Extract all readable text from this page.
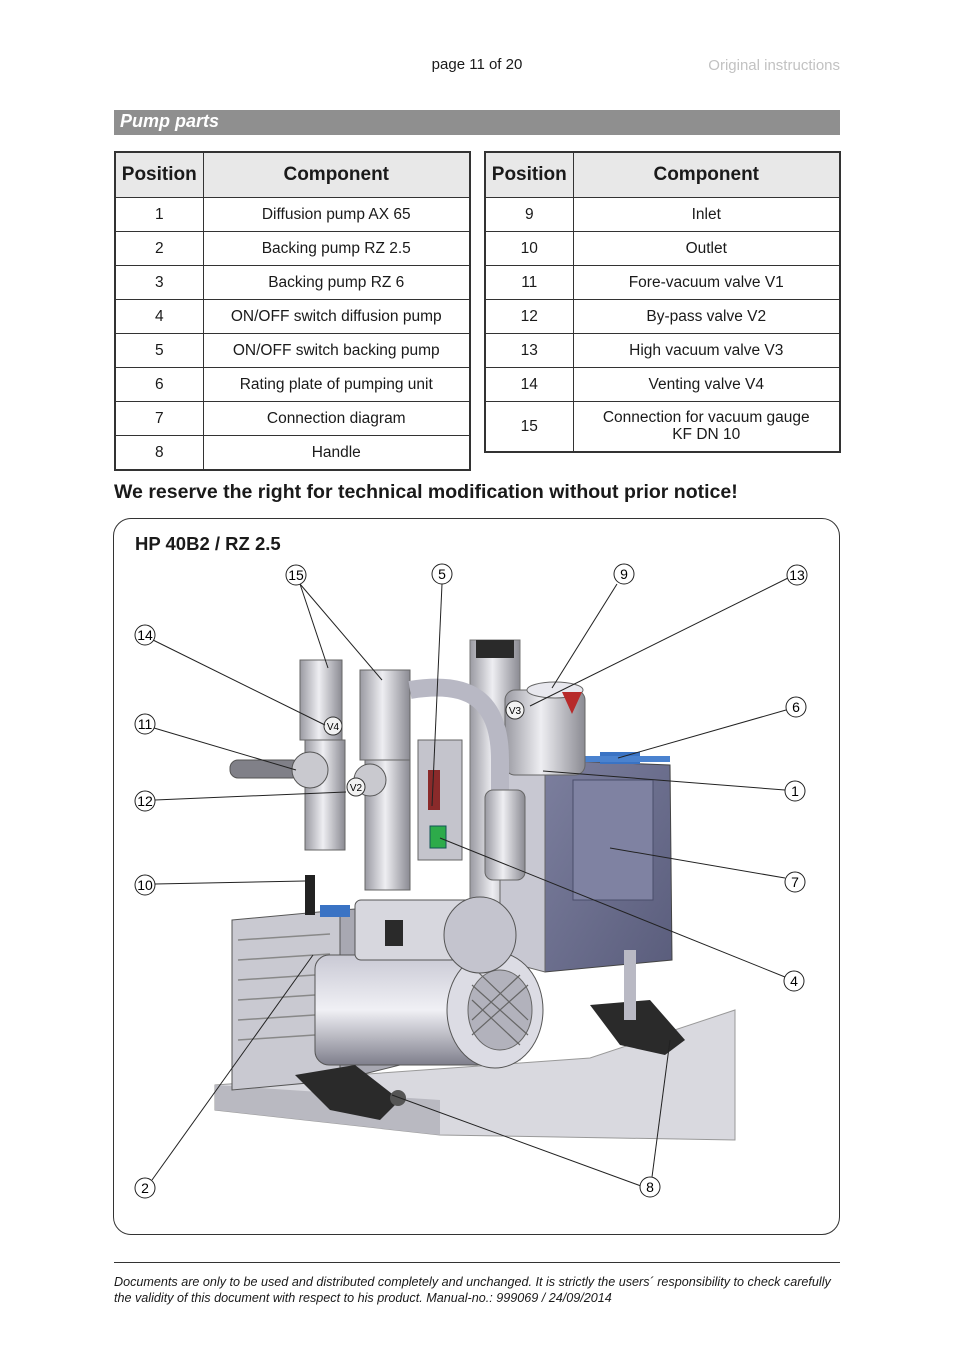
page 11 of 20	Original instructions
Pump parts
Position	Component
1	Diffusion pump AX 65
2	Backing pump RZ 2.5
3	Backing pump RZ 6
4	ON/OFF switch diffusion pump
5	ON/OFF switch backing pump
6	Rating plate of pumping unit
7	Connection diagram
8	Handle
Position	Component
9	Inlet
10	Outlet
11	Fore-vacuum valve V1
12	By-pass valve V2
13	High vacuum valve V3
14	Venting valve V4
15	Connection for vacuum gauge
KF DN 10
We reserve the right for technical modification without prior notice!
HP 40B2 / RZ 2.5
V4
V2
V3
15	5	9	13
14
6
11
1
12
7
10
4
2	8
Documents are only to be used and distributed completely and unchanged. It is strictly the users´ responsibility to check carefully
the validity of this document with respect to his product. Manual-no.: 999069 / 24/09/2014
